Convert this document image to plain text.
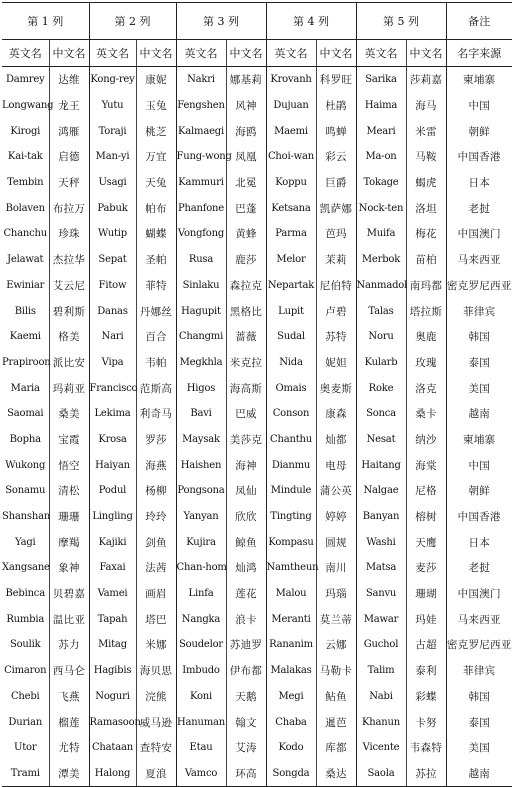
第 1 列		第 2 列		第 3 列		第 4 列		第 5 列		备注
英文名	中文名	英文名	中文名	英文名	中文名	英文名	中文名	英文名	中文名	名字来源
Damrey	达维	Kong-rey	康妮	Nakri	娜基莉	Krovanh	科罗旺	Sarika	莎莉嘉	柬埔寨
Longwang	龙王	Yutu	玉兔	Fengshen	风神	Dujuan	杜鹃	Haima	海马	中国
Kirogi	鸿雁	Toraji	桃芝	Kalmaegi	海鸥	Maemi	鸣蝉	Meari	米雷	朝鲜
Kai-tak	启德	Man-yi	万宜	Fung-wong	凤凰	Choi-wan	彩云	Ma-on	马鞍	中国香港
Tembin	天秤	Usagi	天兔	Kammuri	北冕	Koppu	巨爵	Tokage	蝎虎	日本
Bolaven	布拉万	Pabuk	帕布	Phanfone	巴蓬	Ketsana	凯萨娜	Nock-ten	洛坦	老挝
Chanchu	珍珠	Wutip	蝴蝶	Vongfong	黄蜂	Parma	芭玛	Muifa	梅花	中国澳门
Jelawat	杰拉华	Sepat	圣帕	Rusa	鹿莎	Melor	茉莉	Merbok	苗柏	马来西亚
Ewiniar	艾云尼	Fitow	菲特	Sinlaku	森拉克	Nepartak	尼伯特	Nanmadol	南玛都	密克罗尼西亚
Bilis	碧利斯	Danas	丹娜丝	Hagupit	黑格比	Lupit	卢碧	Talas	塔拉斯	菲律宾
Kaemi	格美	Nari	百合	Changmi	蔷薇	Sudal	苏特	Noru	奥鹿	韩国
Prapiroon	派比安	Vipa	韦帕	Megkhla	米克拉	Nida	妮妲	Kularb	玫瑰	泰国
Maria	玛莉亚	Francisco	范斯高	Higos	海高斯	Omais	奥麦斯	Roke	洛克	美国
Saomai	桑美	Lekima	利奇马	Bavi	巴威	Conson	康森	Sonca	桑卡	越南
Bopha	宝霞	Krosa	罗莎	Maysak	美莎克	Chanthu	灿都	Nesat	纳沙	柬埔寨
Wukong	悟空	Haiyan	海燕	Haishen	海神	Dianmu	电母	Haitang	海棠	中国
Sonamu	清松	Podul	杨柳	Pongsona	凤仙	Mindule	蒲公英	Nalgae	尼格	朝鲜
Shanshan	珊珊	Lingling	玲玲	Yanyan	欣欣	Tingting	婷婷	Banyan	榕树	中国香港
Yagi	摩羯	Kajiki	剑鱼	Kujira	鲸鱼	Kompasu	圆规	Washi	天鹰	日本
Xangsane	象神	Faxai	法茜	Chan-hom	灿鸿	Namtheun	南川	Matsa	麦莎	老挝
Bebinca	贝碧嘉	Vamei	画眉	Linfa	莲花	Malou	玛瑙	Sanvu	珊瑚	中国澳门
Rumbia	温比亚	Tapah	塔巴	Nangka	浪卡	Meranti	莫兰蒂	Mawar	玛娃	马来西亚
Soulik	苏力	Mitag	米娜	Soudelor	苏迪罗	Rananim	云娜	Guchol	古超	密克罗尼西亚
Cimaron	西马仑	Hagibis	海贝思	Imbudo	伊布都	Malakas	马勒卡	Talim	泰利	菲律宾
Chebi	飞燕	Noguri	浣熊	Koni	天鹅	Megi	鲇鱼	Nabi	彩蝶	韩国
Durian	榴莲	Ramasoon	威马逊	Hanuman	翰文	Chaba	暹芭	Khanun	卡努	泰国
Utor	尤特	Chataan	查特安	Etau	艾涛	Kodo	库都	Vicente	韦森特	美国
Trami	潭美	Halong	夏浪	Vamco	环高	Songda	桑达	Saola	苏拉	越南
